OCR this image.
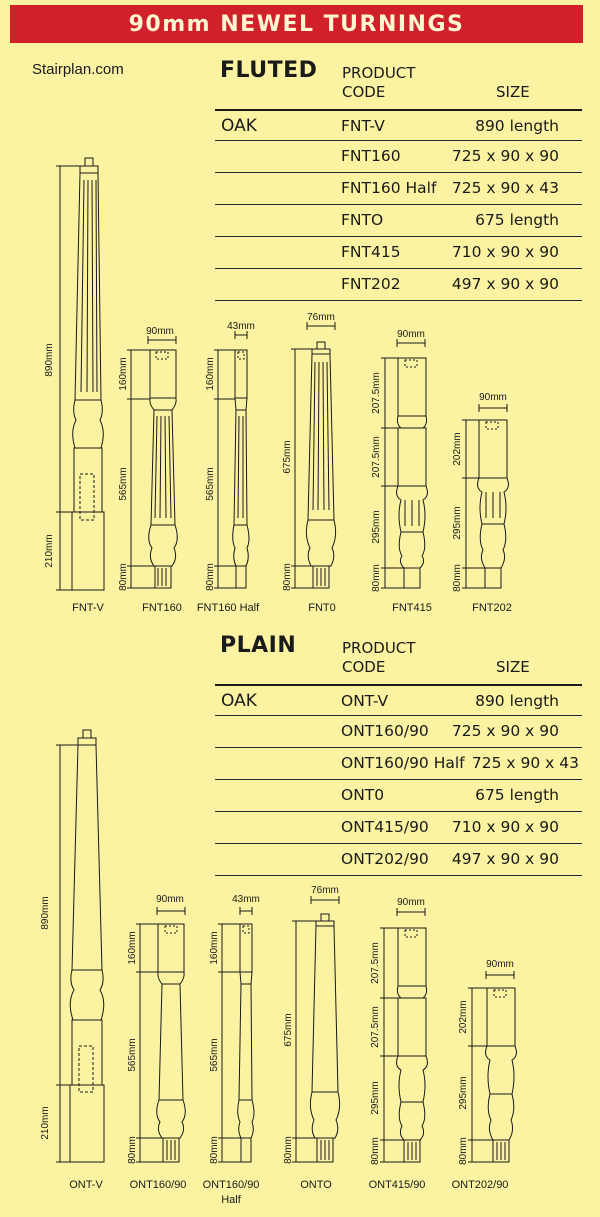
90mm NEWEL TURNINGS
Stairplan.com	FLUTED PRODUCT
CODE	SIZE
OAK	FNT-V	890 length
FNT160	725 x 90 x 90
FNT160 Half 725 x 90 x 43
FNTO	675 length
FNT415	710 x 90 x 90
FNT202	497 x 90 x 90
PLAIN	PRODUCT
CODE	SIZE
OAK	ONT-V	890 length
ONT160/90 725 x 90 x 90
ONT160/90 Half 725 x 90 x 43
ONT0	675 length
ONT415/90 710 x 90 x 90
ONT202/90 497 x 90 x 90
890mm
210mm
FNT-V
90mm
160mm
565mm
80mm
FNT160
43mm
160mm
565mm
80mm
FNT160 Half
76mm
675mm
80mm
FNT0
90mm
207.5mm
207.5mm
295mm
80mm
FNT415
90mm
202mm
295mm
80mm
FNT202
890mm
210mm
ONT-V
90mm
160mm
565mm
80mm
ONT160/90
43mm
160mm
565mm
80mm
ONT160/90
Half
76mm
675mm
80mm
ONTO
90mm
207.5mm
207.5mm
295mm
80mm
ONT415/90
90mm
202mm
295mm
80mm
ONT202/90
